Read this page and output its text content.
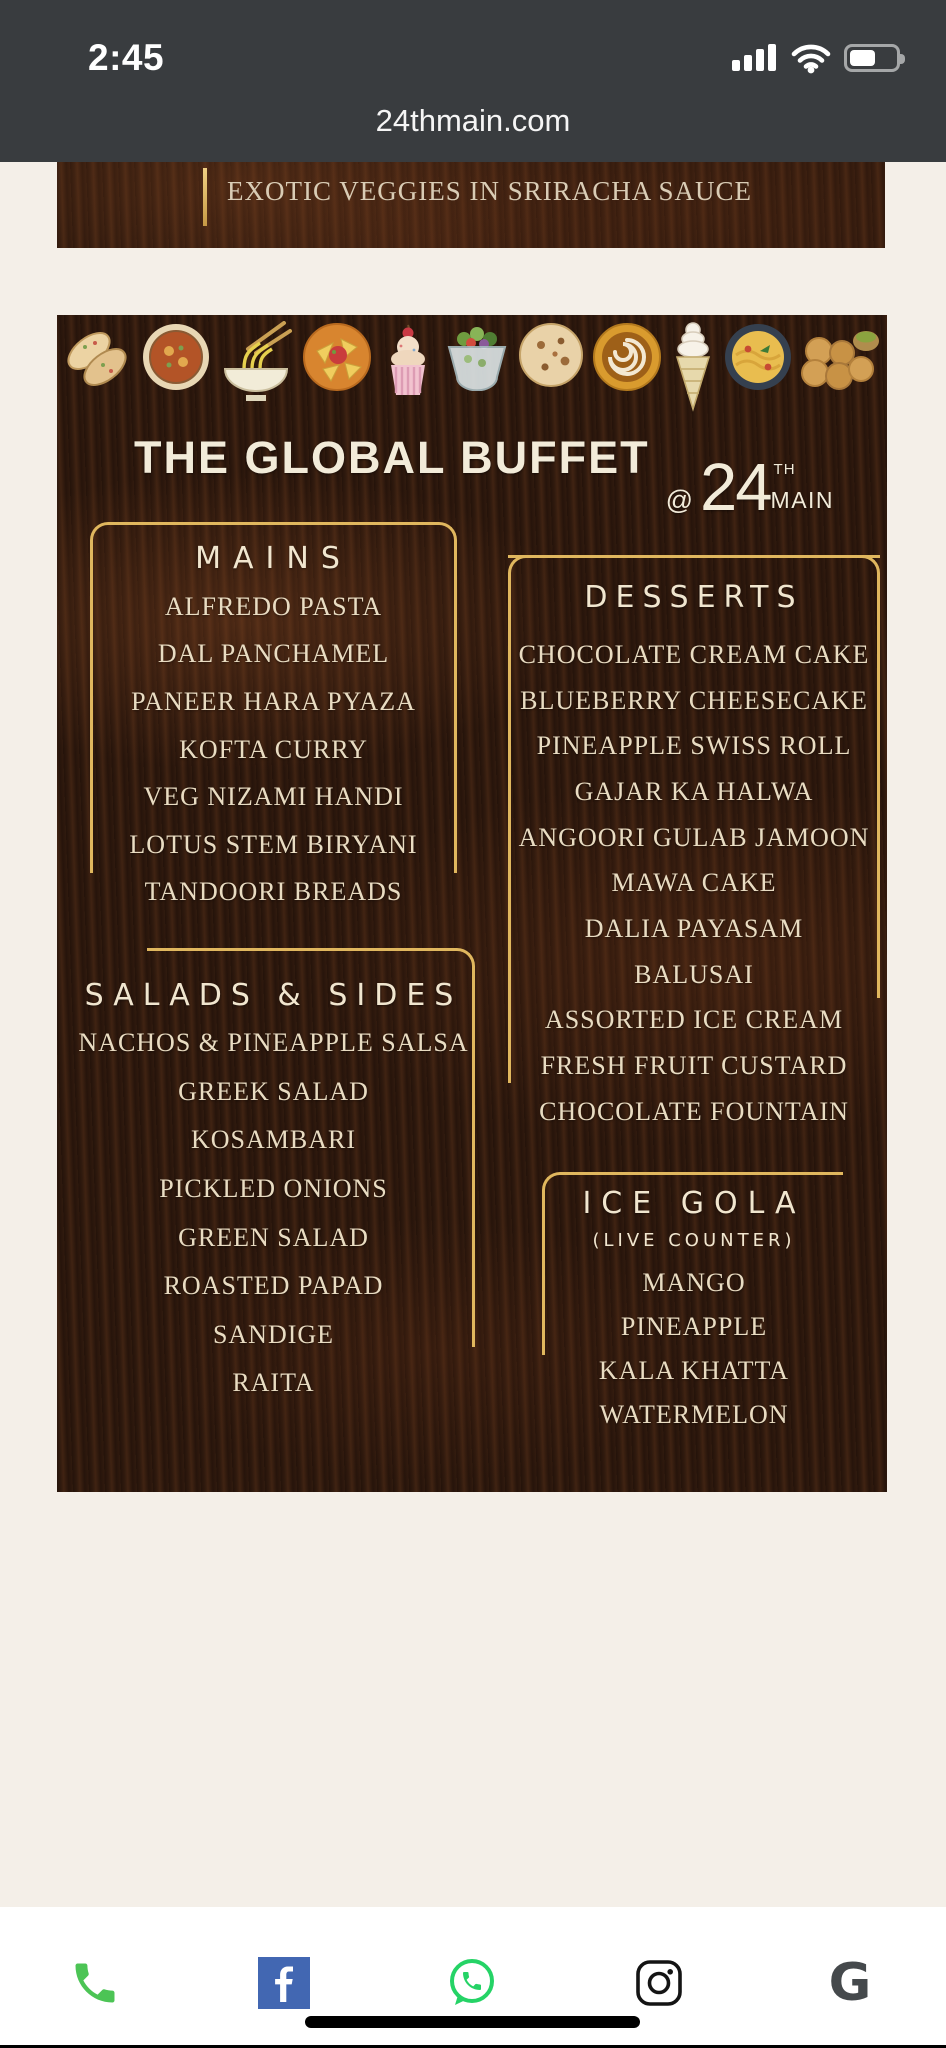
2:45
24thmain.com
EXOTIC VEGGIES IN SRIRACHA SAUCE
THE GLOBAL BUFFET
@ 24 TH
MAIN
MAINS
ALFREDO PASTA
DAL PANCHAMEL
PANEER HARA PYAZA
KOFTA CURRY
VEG NIZAMI HANDI
LOTUS STEM BIRYANI
TANDOORI BREADS
DESSERTS
CHOCOLATE CREAM CAKE
BLUEBERRY CHEESECAKE
PINEAPPLE SWISS ROLL
GAJAR KA HALWA
ANGOORI GULAB JAMOON
MAWA CAKE
DALIA PAYASAM
BALUSAI
ASSORTED ICE CREAM
FRESH FRUIT CUSTARD
CHOCOLATE FOUNTAIN
SALADS & SIDES
NACHOS & PINEAPPLE SALSA
GREEK SALAD
KOSAMBARI
PICKLED ONIONS
GREEN SALAD
ROASTED PAPAD
SANDIGE
RAITA
ICE GOLA
(LIVE COUNTER)
MANGO
PINEAPPLE
KALA KHATTA
WATERMELON
G
